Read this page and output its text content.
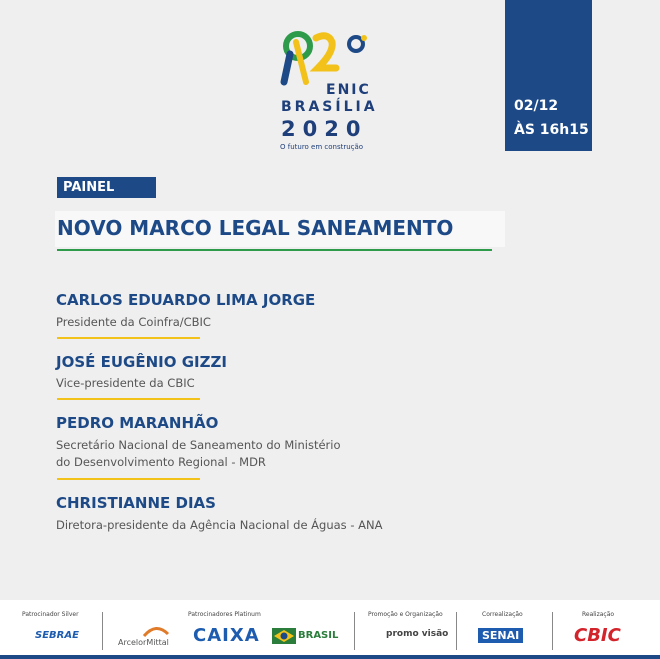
ENIC
BRASÍLIA
2020
O futuro em construção
02/12
ÀS 16h15
PAINEL
NOVO MARCO LEGAL SANEAMENTO
CARLOS EDUARDO LIMA JORGE
Presidente da Coinfra/CBIC
JOSÉ EUGÊNIO GIZZI
Vice-presidente da CBIC
PEDRO MARANHÃO
Secretário Nacional de Saneamento do Ministério
do Desenvolvimento Regional - MDR
CHRISTIANNE DIAS
Diretora-presidente da Agência Nacional de Águas - ANA
Patrocinador Silver
SEBRAE
Patrocinadores Platinum
ArcelorMittal CAIXA	BRASIL
Promoção e Organização
promo visão
Correalização
SENAI
Realização
CBIC
